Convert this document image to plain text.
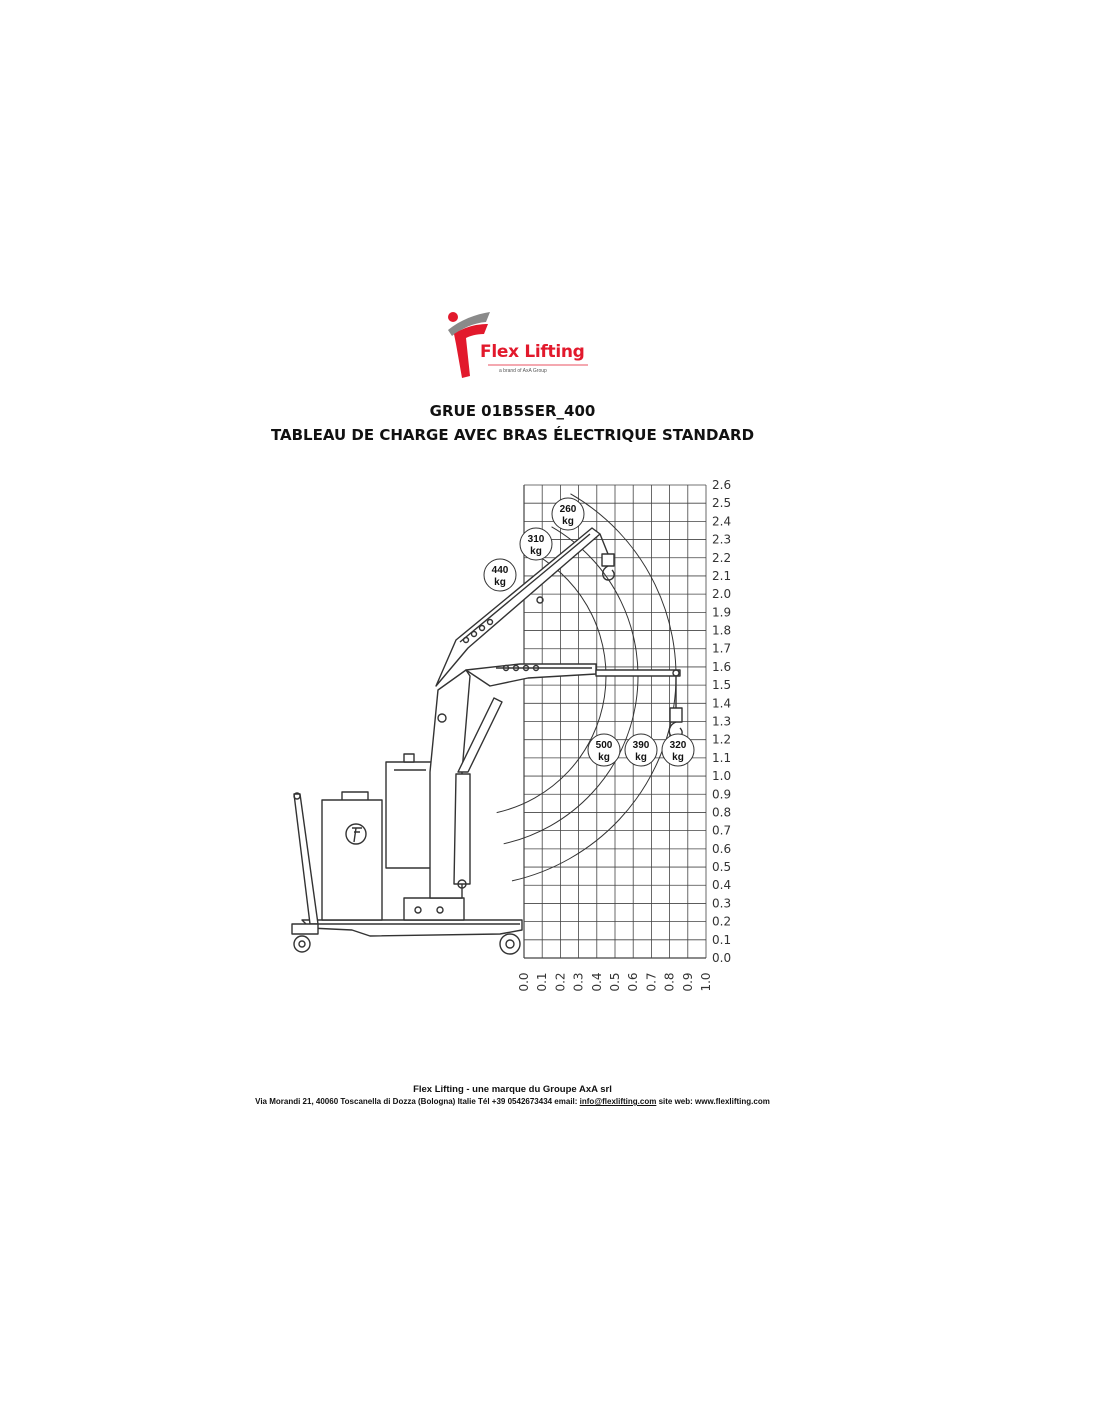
Flex Lifting
a brand of AxA Group
GRUE 01B5SER_400
TABLEAU DE CHARGE AVEC BRAS ÉLECTRIQUE STANDARD
0.0
0.1
0.2
0.3
0.4
0.5
0.6
0.7
0.8
0.9
1.0
1.1
1.2
1.3
1.4
1.5
1.6
1.7
1.8
1.9
2.0
2.1
2.2
2.3
2.4
2.5
2.6
0.0 0.1 0.2 0.3 0.4 0.5 0.6 0.7 0.8 0.9 1.0
440
kg
310
kg
260
kg
500
kg
390
kg
320
kg
Flex Lifting - une marque du Groupe AxA srl
Via Morandi 21, 40060 Toscanella di Dozza (Bologna) Italie Tél +39 0542673434 email: info@flexlifting.com site web: www.flexlifting.com
